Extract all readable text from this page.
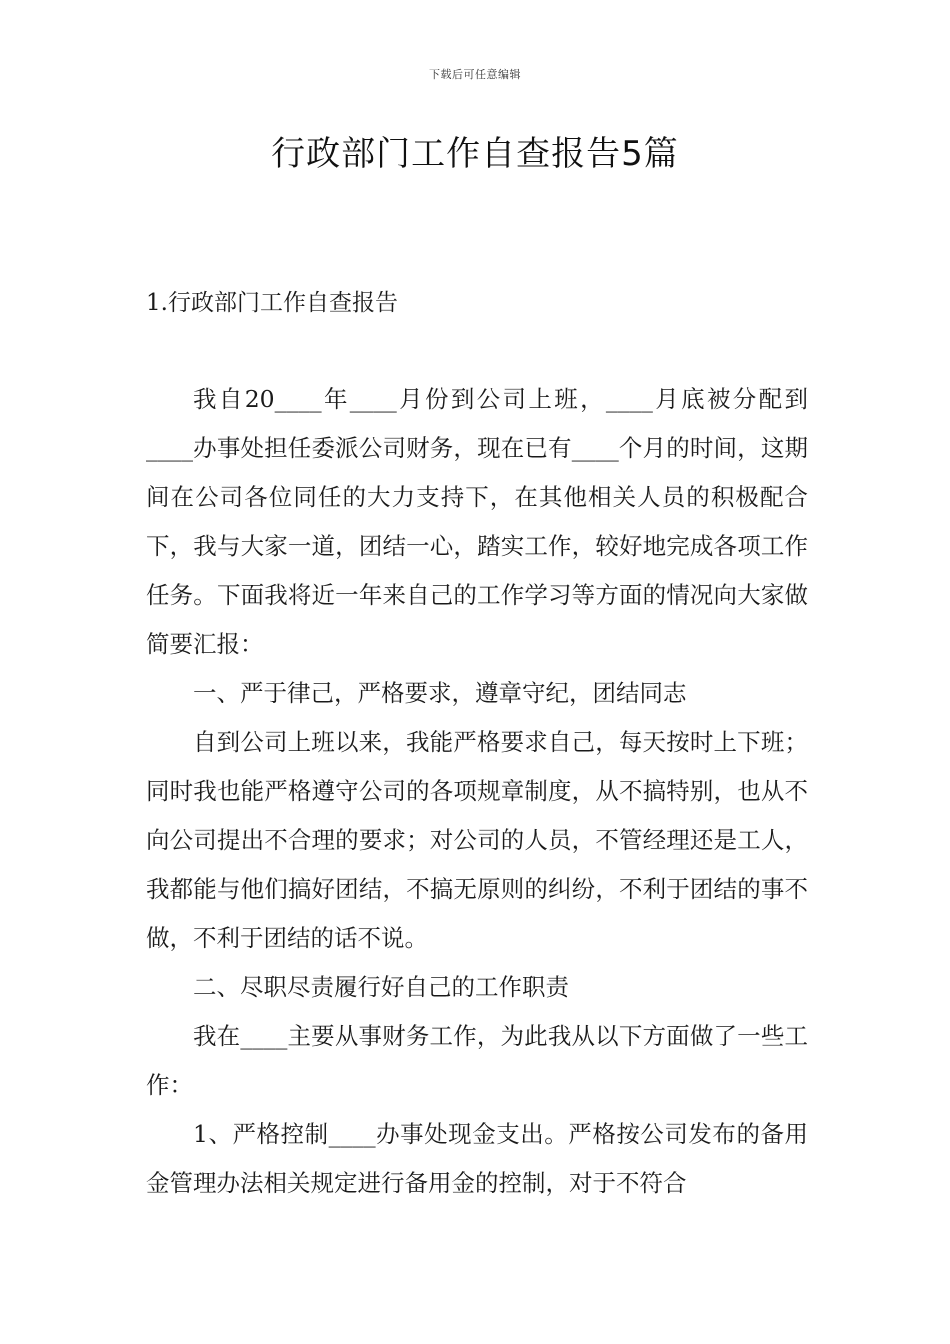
下载后可任意编辑
行政部门工作自查报告5篇
1.行政部门工作自查报告

我自20____年____月份到公司上班，____月底被分配到____办事处担任委派公司财务，现在已有____个月的时间，这期间在公司各位同任的大力支持下，在其他相关人员的积极配合下，我与大家一道，团结一心，踏实工作，较好地完成各项工作任务。下面我将近一年来自己的工作学习等方面的情况向大家做简要汇报：

一、严于律己，严格要求，遵章守纪，团结同志

自到公司上班以来，我能严格要求自己，每天按时上下班；同时我也能严格遵守公司的各项规章制度，从不搞特别，也从不向公司提出不合理的要求；对公司的人员，不管经理还是工人，我都能与他们搞好团结，不搞无原则的纠纷，不利于团结的事不做，不利于团结的话不说。

二、尽职尽责履行好自己的工作职责

我在____主要从事财务工作，为此我从以下方面做了一些工作：

1、严格控制____办事处现金支出。严格按公司发布的备用金管理办法相关规定进行备用金的控制，对于不符合
